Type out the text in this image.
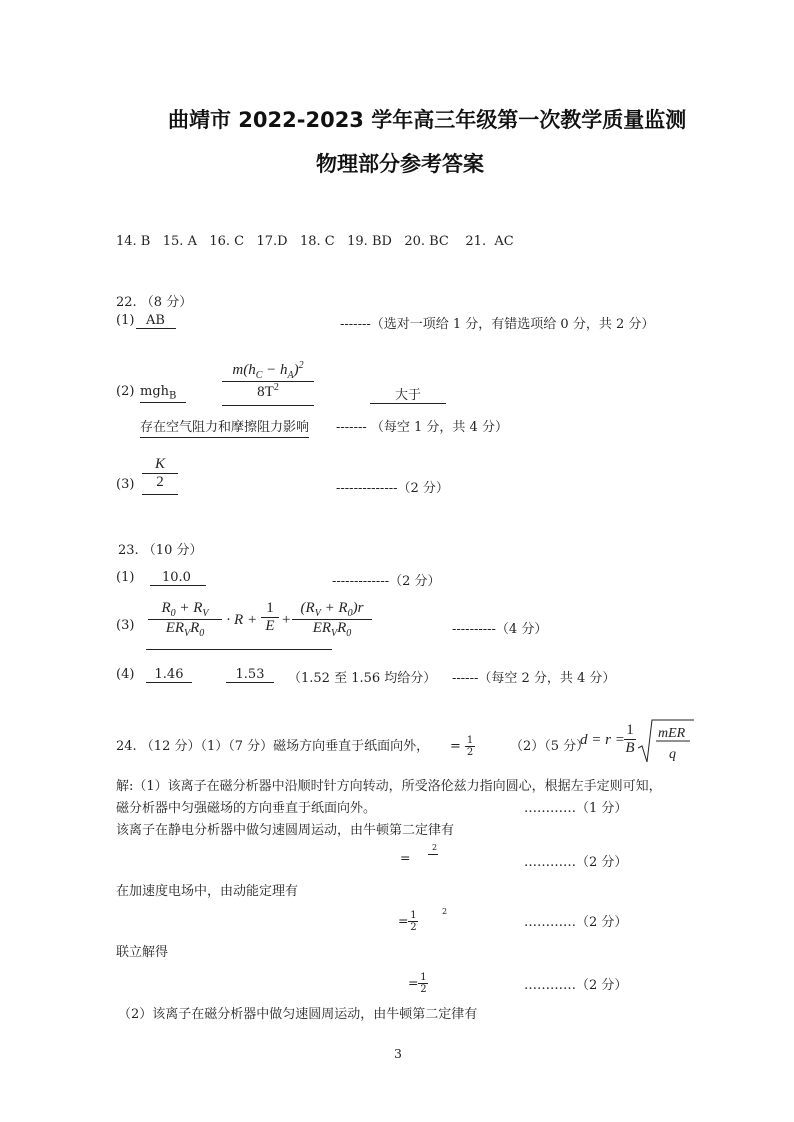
曲靖市 2022-2023 学年高三年级第一次教学质量监测
物理部分参考答案
14. B   15. A   16. C   17.D   18. C   19. BD   20. BC    21.  AC
22. （8 分）
(1) AB	-------（选对一项给 1 分，有错选项给 0 分，共 2 分）
(2) mgh$_B$
$m(h_C - h_A)^2$
$8T^2$
大于
存在空气阻力和摩擦阻力影响 ------- （每空 1 分，共 4 分）
(3)
K
2	--------------（2 分）
23. （10 分）
(1)	10.0	-------------（2 分）
(3)
$R_0 + R_V$
$ER_VR_0$
· R +
1
E +
$(R_V + R_0)r$
$ER_VR_0$	----------（4 分）
(4)	1.46	1.53	（1.52 至 1.56 均给分） ------（每空 2 分，共 4 分）
24. （12 分）（1）（7 分）磁场方向垂直于纸面向外， = $\frac{1}{2}$	（2）（5 分）
d = r =
1
B
mER
q
解:（1）该离子在磁分析器中沿顺时针方向转动，所受洛伦兹力指向圆心，根据左手定则可知，
磁分析器中匀强磁场的方向垂直于纸面向外。	…………（1 分）
该离子在静电分析器中做匀速圆周运动，由牛顿第二定律有
=
2
…………（2 分）
在加速度电场中，由动能定理有
= $\frac{1}{2}$	2
…………（2 分）
联立解得
= $\frac{1}{2}$	…………（2 分）
（2）该离子在磁分析器中做匀速圆周运动，由牛顿第二定律有
3
